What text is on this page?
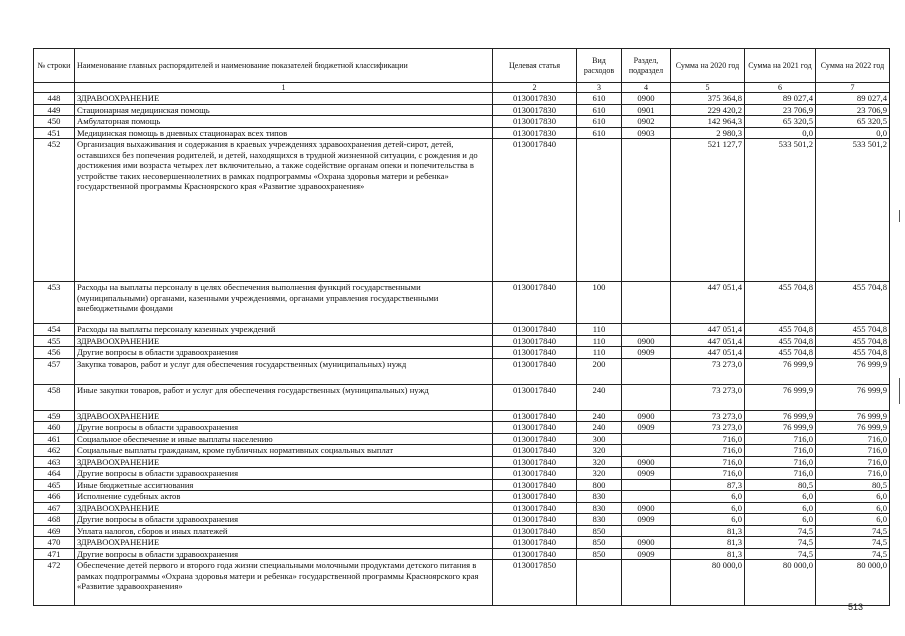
№ строки	Наименование главных распорядителей и наименование показателей бюджетной классификации	Целевая статья	Вид расходов	Раздел, подраздел	Сумма на 2020 год	Сумма на 2021 год	Сумма на 2022 год
	1	2	3	4	5	6	7
448	ЗДРАВООХРАНЕНИЕ	0130017830	610	0900	375 364,8	89 027,4	89 027,4
449	Стационарная медицинская помощь	0130017830	610	0901	229 420,2	23 706,9	23 706,9
450	Амбулаторная помощь	0130017830	610	0902	142 964,3	65 320,5	65 320,5
451	Медицинская помощь в дневных стационарах всех типов	0130017830	610	0903	2 980,3	0,0	0,0
452	Организация выхаживания и содержания в краевых учреждениях здравоохранения детей-сирот, детей, оставшихся без попечения родителей, и детей, находящихся в трудной жизненной ситуации, с рождения и до достижения ими возраста четырех лет включительно, а также содействие органам опеки и попечительства в устройстве таких несовершеннолетних в рамках подпрограммы «Охрана здоровья матери и ребенка» государственной программы Красноярского края «Развитие здравоохранения»	0130017840			521 127,7	533 501,2	533 501,2
453	Расходы на выплаты персоналу в целях обеспечения выполнения функций государственными (муниципальными) органами, казенными учреждениями, органами управления государственными внебюджетными фондами	0130017840	100		447 051,4	455 704,8	455 704,8
454	Расходы на выплаты персоналу казенных учреждений	0130017840	110		447 051,4	455 704,8	455 704,8
455	ЗДРАВООХРАНЕНИЕ	0130017840	110	0900	447 051,4	455 704,8	455 704,8
456	Другие вопросы в области здравоохранения	0130017840	110	0909	447 051,4	455 704,8	455 704,8
457	Закупка товаров, работ и услуг для обеспечения государственных (муниципальных) нужд	0130017840	200		73 273,0	76 999,9	76 999,9
458	Иные закупки товаров, работ и услуг для обеспечения государственных (муниципальных) нужд	0130017840	240		73 273,0	76 999,9	76 999,9
459	ЗДРАВООХРАНЕНИЕ	0130017840	240	0900	73 273,0	76 999,9	76 999,9
460	Другие вопросы в области здравоохранения	0130017840	240	0909	73 273,0	76 999,9	76 999,9
461	Социальное обеспечение и иные выплаты населению	0130017840	300		716,0	716,0	716,0
462	Социальные выплаты гражданам, кроме публичных нормативных социальных выплат	0130017840	320		716,0	716,0	716,0
463	ЗДРАВООХРАНЕНИЕ	0130017840	320	0900	716,0	716,0	716,0
464	Другие вопросы в области здравоохранения	0130017840	320	0909	716,0	716,0	716,0
465	Иные бюджетные ассигнования	0130017840	800		87,3	80,5	80,5
466	Исполнение судебных актов	0130017840	830		6,0	6,0	6,0
467	ЗДРАВООХРАНЕНИЕ	0130017840	830	0900	6,0	6,0	6,0
468	Другие вопросы в области здравоохранения	0130017840	830	0909	6,0	6,0	6,0
469	Уплата налогов, сборов и иных платежей	0130017840	850		81,3	74,5	74,5
470	ЗДРАВООХРАНЕНИЕ	0130017840	850	0900	81,3	74,5	74,5
471	Другие вопросы в области здравоохранения	0130017840	850	0909	81,3	74,5	74,5
472	Обеспечение детей первого и второго года жизни специальными молочными продуктами детского питания в рамках подпрограммы «Охрана здоровья матери и ребенка» государственной программы Красноярского края «Развитие здравоохранения»	0130017850			80 000,0	80 000,0	80 000,0
513
